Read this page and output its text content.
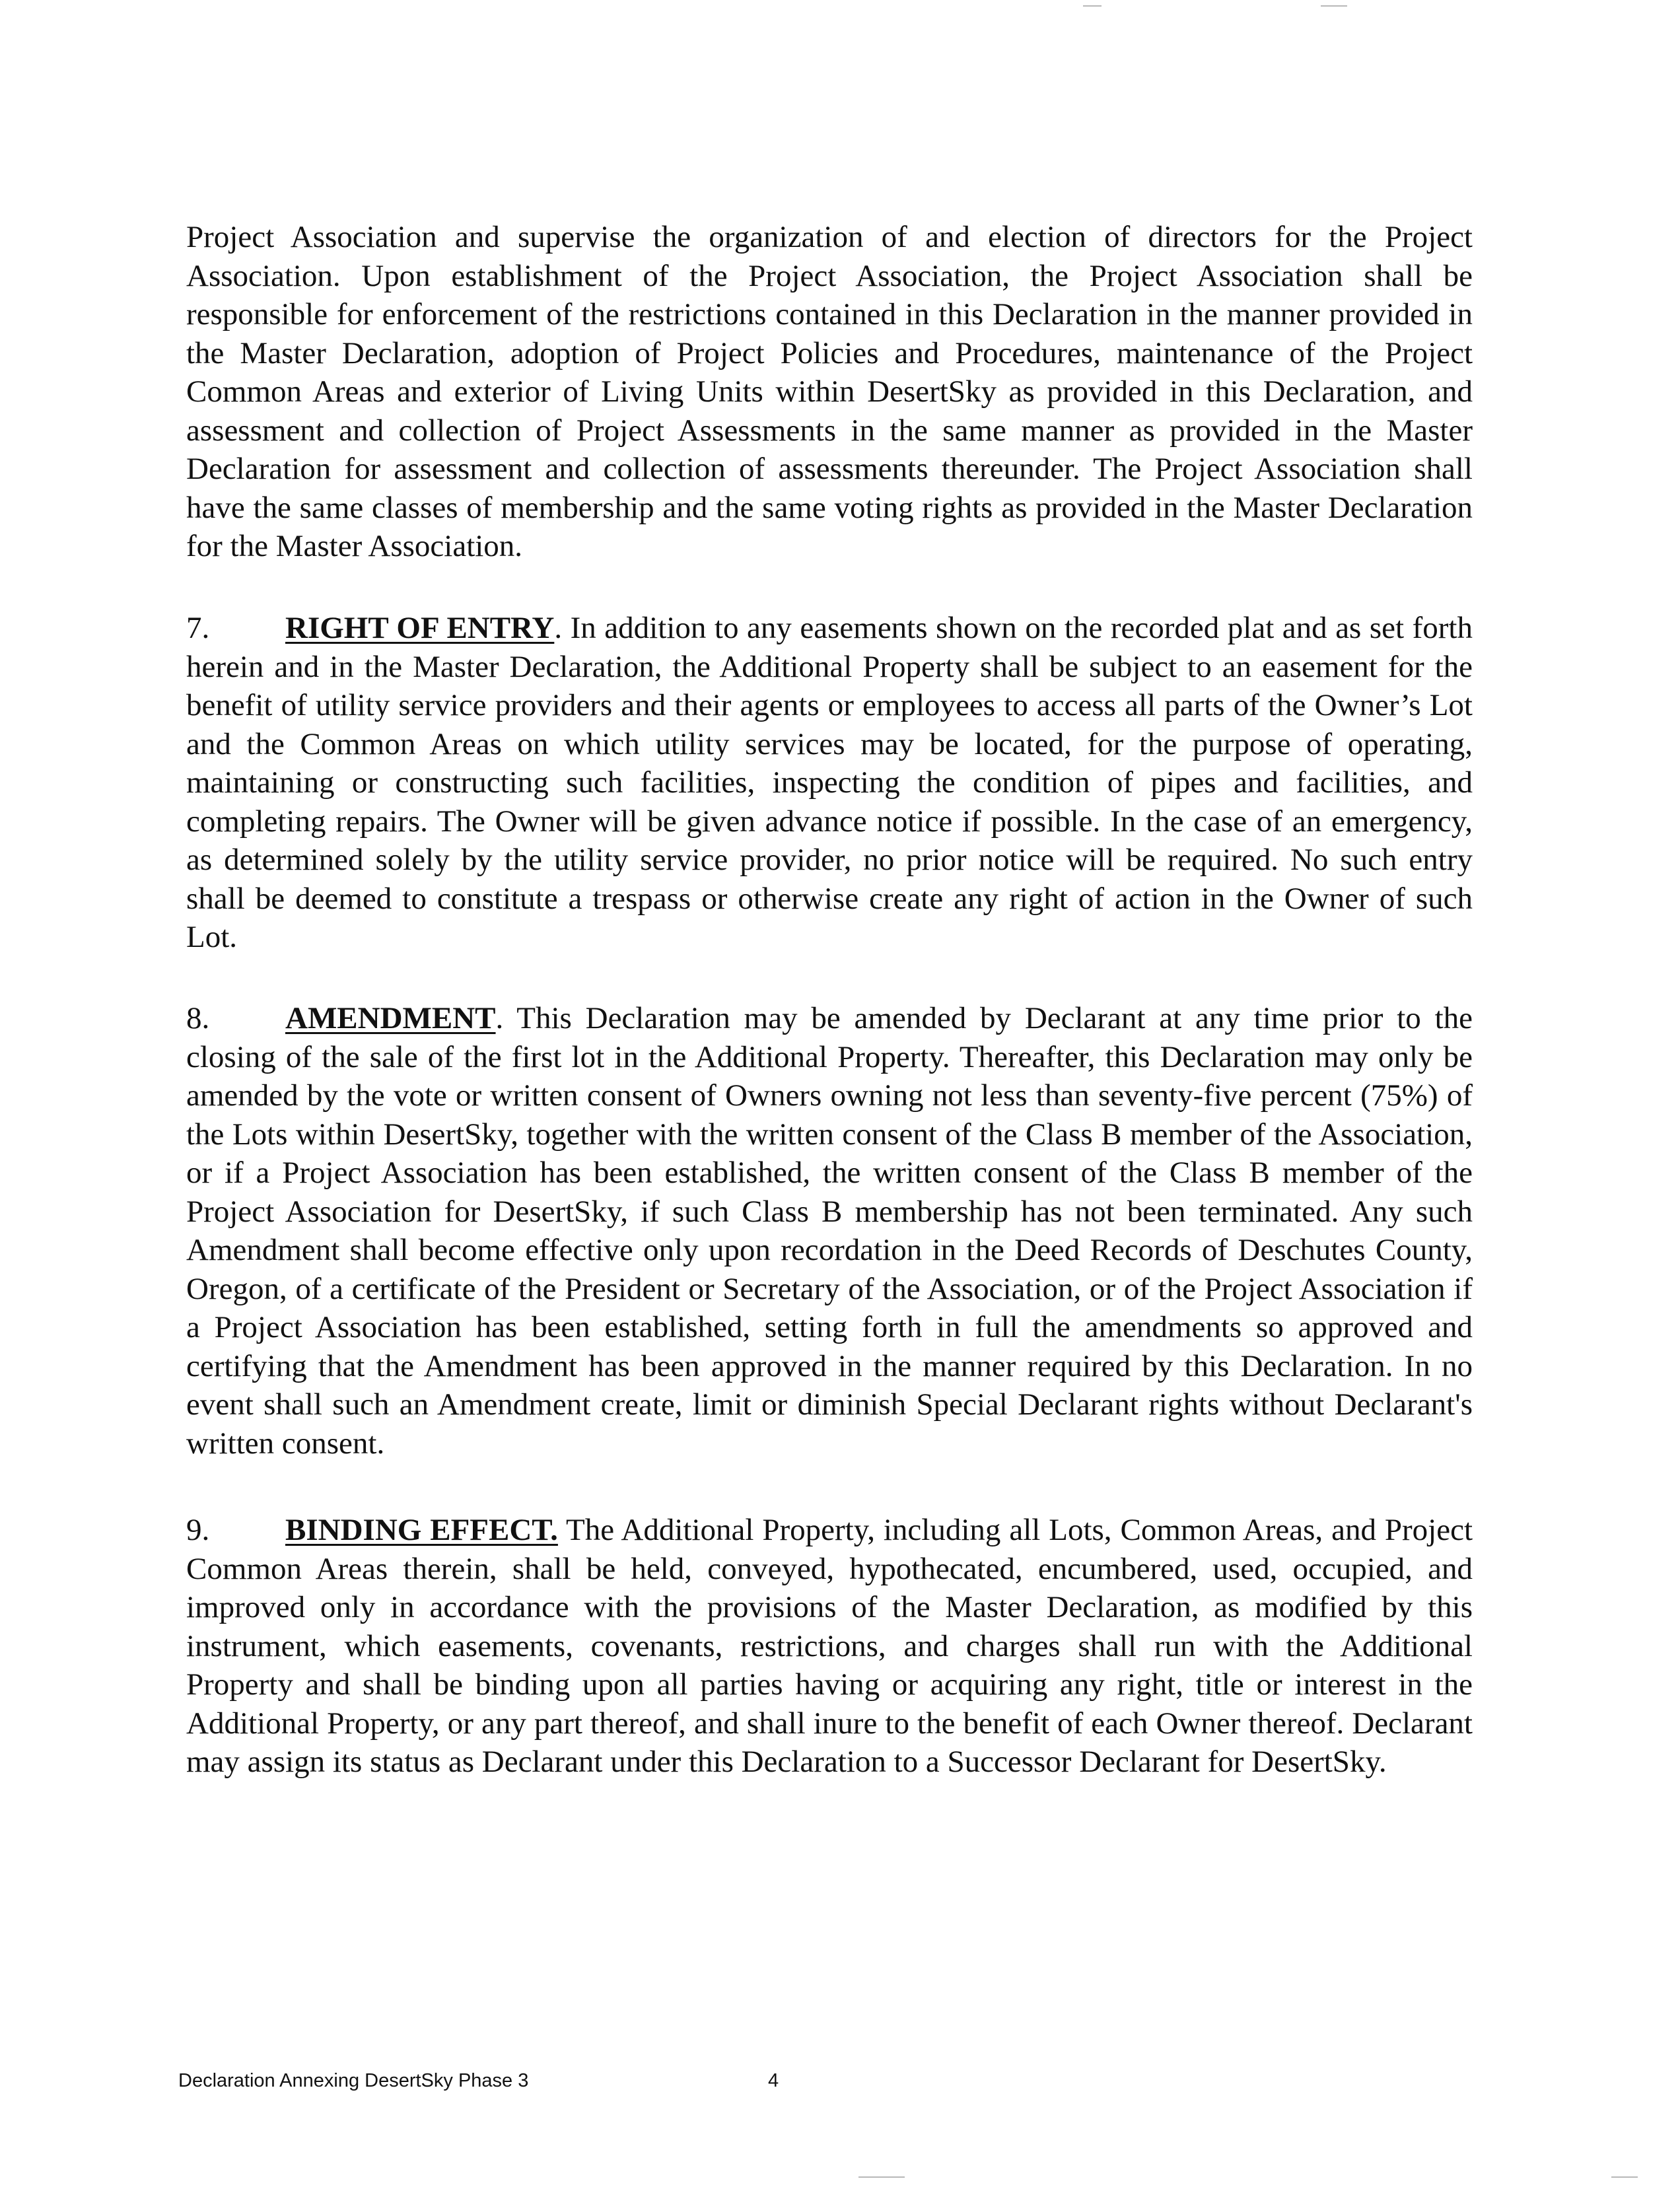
Project Association and supervise the organization of and election of directors for the Project Association. Upon establishment of the Project Association, the Project Association shall be responsible for enforcement of the restrictions contained in this Declaration in the manner provided in the Master Declaration, adoption of Project Policies and Procedures, maintenance of the Project Common Areas and exterior of Living Units within DesertSky as provided in this Declaration, and assessment and collection of Project Assessments in the same manner as provided in the Master Declaration for assessment and collection of assessments thereunder. The Project Association shall have the same classes of membership and the same voting rights as provided in the Master Declaration for the Master Association.

7. RIGHT OF ENTRY. In addition to any easements shown on the recorded plat and as set forth herein and in the Master Declaration, the Additional Property shall be subject to an easement for the benefit of utility service providers and their agents or employees to access all parts of the Owner’s Lot and the Common Areas on which utility services may be located, for the purpose of operating, maintaining or constructing such facilities, inspecting the condition of pipes and facilities, and completing repairs. The Owner will be given advance notice if possible. In the case of an emergency, as determined solely by the utility service provider, no prior notice will be required. No such entry shall be deemed to constitute a trespass or otherwise create any right of action in the Owner of such Lot.

8. AMENDMENT. This Declaration may be amended by Declarant at any time prior to the closing of the sale of the first lot in the Additional Property. Thereafter, this Declaration may only be amended by the vote or written consent of Owners owning not less than seventy-five percent (75%) of the Lots within DesertSky, together with the written consent of the Class B member of the Association, or if a Project Association has been established, the written consent of the Class B member of the Project Association for DesertSky, if such Class B membership has not been terminated. Any such Amendment shall become effective only upon recordation in the Deed Records of Deschutes County, Oregon, of a certificate of the President or Secretary of the Association, or of the Project Association if a Project Association has been established, setting forth in full the amendments so approved and certifying that the Amendment has been approved in the manner required by this Declaration. In no event shall such an Amendment create, limit or diminish Special Declarant rights without Declarant's written consent.

9. BINDING EFFECT. The Additional Property, including all Lots, Common Areas, and Project Common Areas therein, shall be held, conveyed, hypothecated, encumbered, used, occupied, and improved only in accordance with the provisions of the Master Declaration, as modified by this instrument, which easements, covenants, restrictions, and charges shall run with the Additional Property and shall be binding upon all parties having or acquiring any right, title or interest in the Additional Property, or any part thereof, and shall inure to the benefit of each Owner thereof. Declarant may assign its status as Declarant under this Declaration to a Successor Declarant for DesertSky.

Declaration Annexing DesertSky Phase 3	4
